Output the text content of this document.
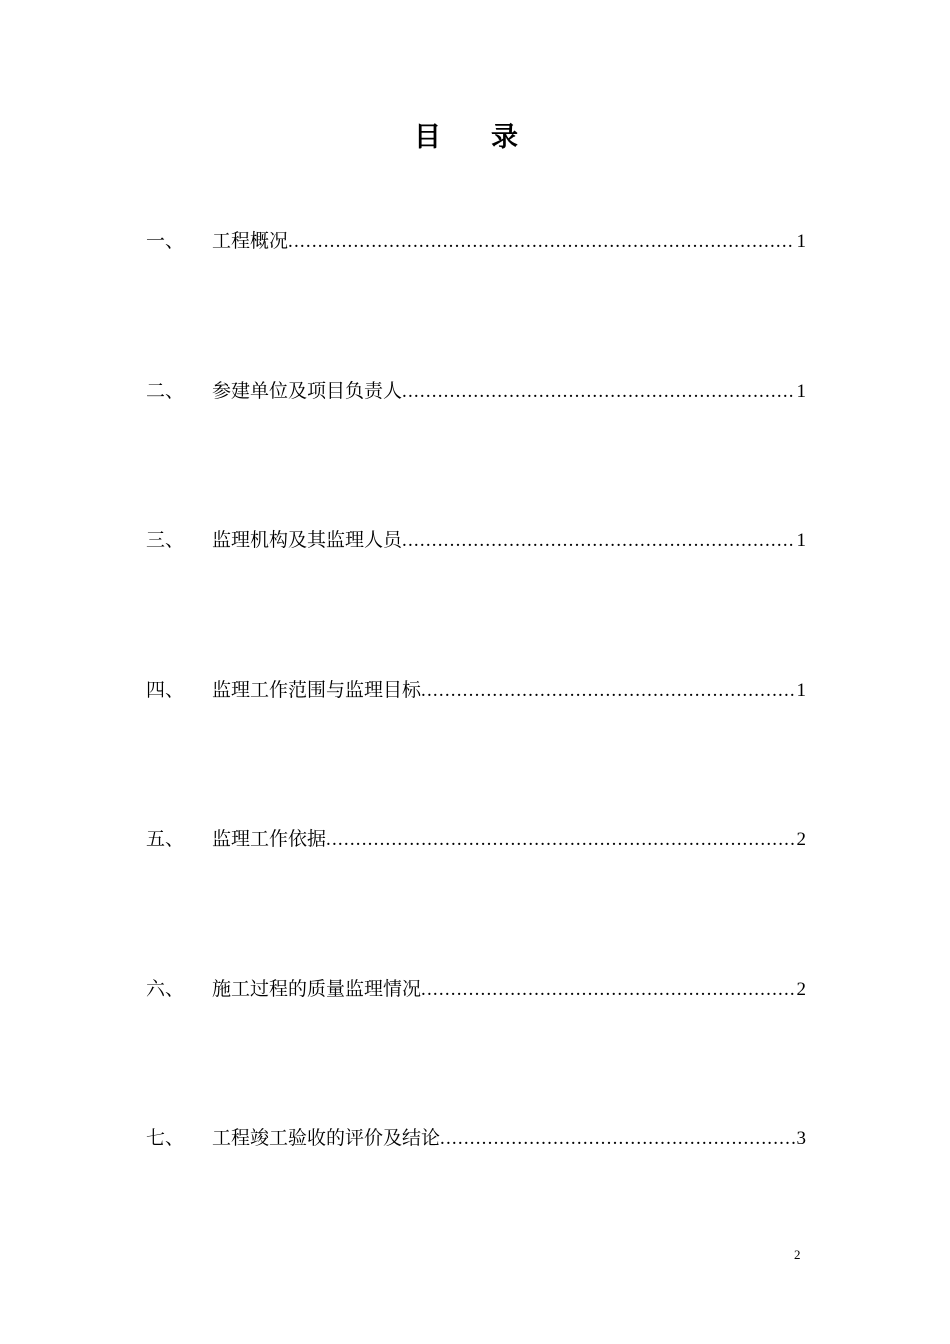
目录
一、	工程概况 .....	1
二、	参建单位及项目负责人 .....	1
三、	监理机构及其监理人员 .....	1
四、	监理工作范围与监理目标 .....	1
五、	监理工作依据 .....	2
六、	施工过程的质量监理情况 .....	2
七、	工程竣工验收的评价及结论 .....	3
2
